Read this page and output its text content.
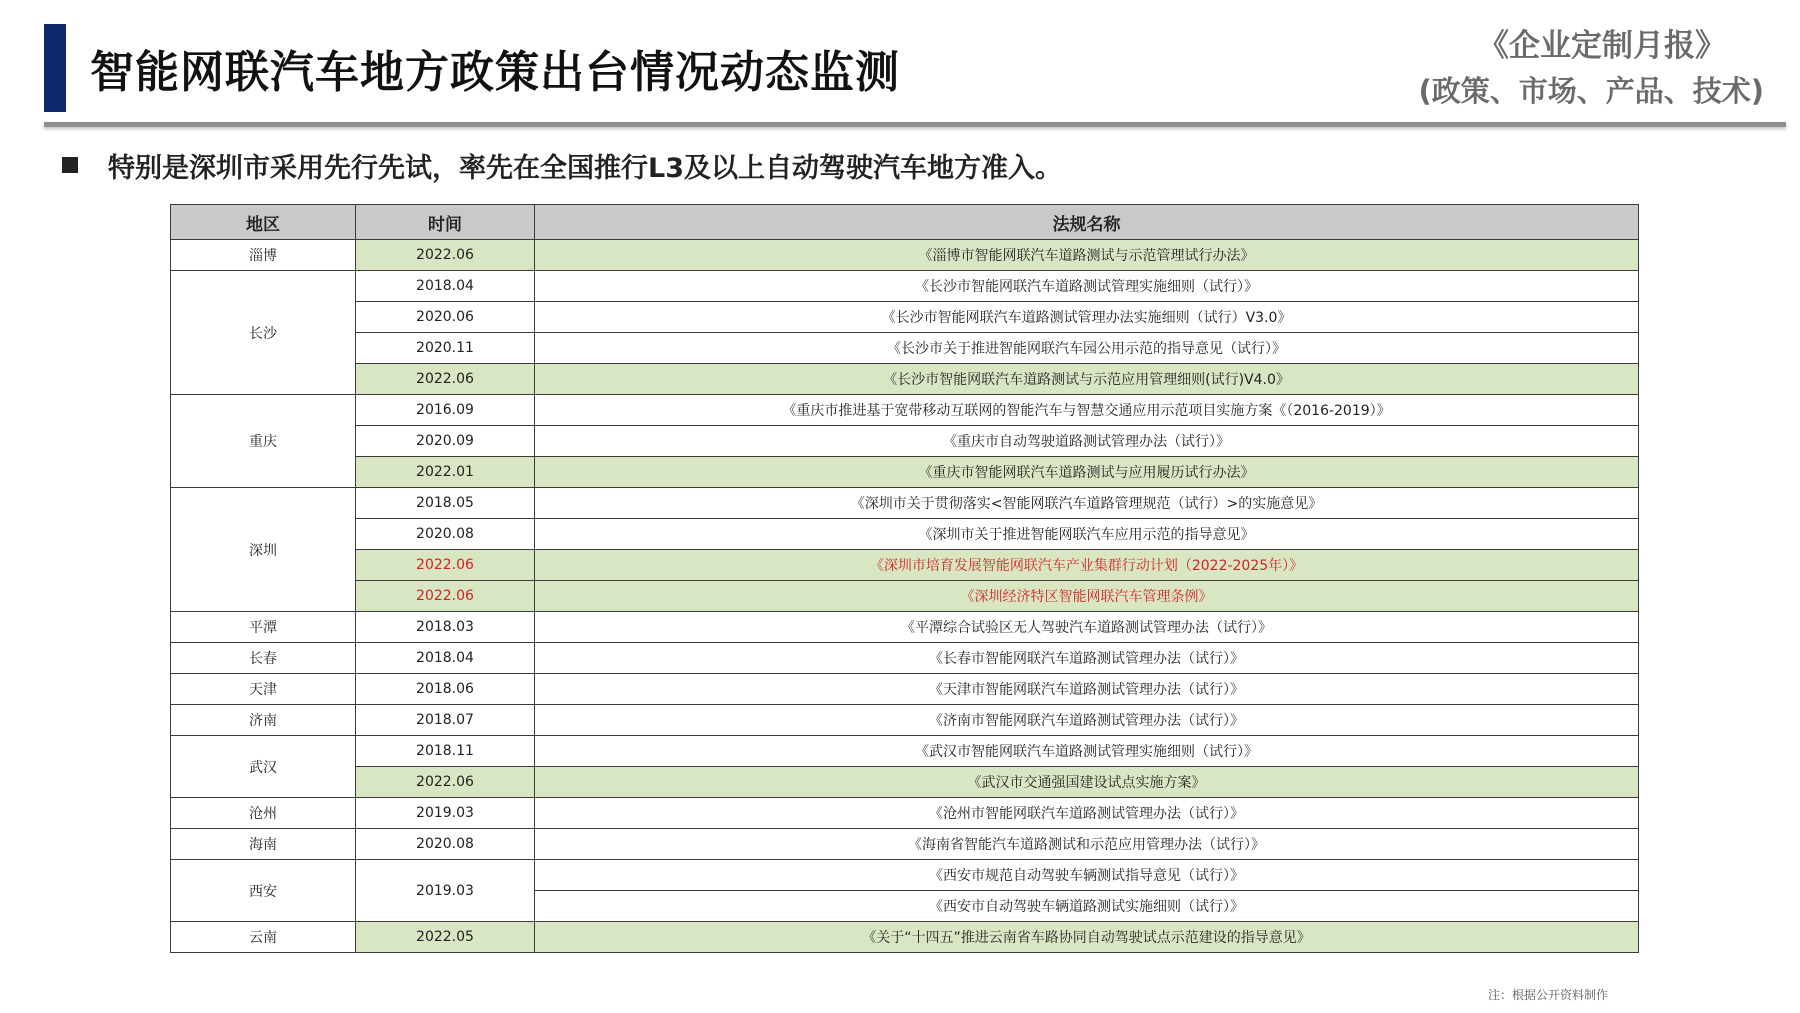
智能网联汽车地方政策出台情况动态监测
《企业定制月报》
(政策、市场、产品、技术)
特别是深圳市采用先行先试，率先在全国推行L3及以上自动驾驶汽车地方准入。
地区	时间	法规名称
淄博	2022.06	《淄博市智能网联汽车道路测试与示范管理试行办法》
长沙	2018.04	《长沙市智能网联汽车道路测试管理实施细则（试行）》
	2020.06	《长沙市智能网联汽车道路测试管理办法实施细则（试行）V3.0》
	2020.11	《长沙市关于推进智能网联汽车园公用示范的指导意见（试行）》
	2022.06	《长沙市智能网联汽车道路测试与示范应用管理细则(试行)V4.0》
重庆	2016.09	《重庆市推进基于宽带移动互联网的智能汽车与智慧交通应用示范项目实施方案《（2016-2019）》
	2020.09	《重庆市自动驾驶道路测试管理办法（试行）》
	2022.01	《重庆市智能网联汽车道路测试与应用履历试行办法》
深圳	2018.05	《深圳市关于贯彻落实<智能网联汽车道路管理规范（试行）>的实施意见》
	2020.08	《深圳市关于推进智能网联汽车应用示范的指导意见》
	2022.06	《深圳市培育发展智能网联汽车产业集群行动计划（2022-2025年）》
	2022.06	《深圳经济特区智能网联汽车管理条例》
平潭	2018.03	《平潭综合试验区无人驾驶汽车道路测试管理办法（试行）》
长春	2018.04	《长春市智能网联汽车道路测试管理办法（试行）》
天津	2018.06	《天津市智能网联汽车道路测试管理办法（试行）》
济南	2018.07	《济南市智能网联汽车道路测试管理办法（试行）》
武汉	2018.11	《武汉市智能网联汽车道路测试管理实施细则（试行）》
	2022.06	《武汉市交通强国建设试点实施方案》
沧州	2019.03	《沧州市智能网联汽车道路测试管理办法（试行）》
海南	2020.08	《海南省智能汽车道路测试和示范应用管理办法（试行）》
西安	2019.03	《西安市规范自动驾驶车辆测试指导意见（试行）》
		《西安市自动驾驶车辆道路测试实施细则（试行）》
云南	2022.05	《关于“十四五”推进云南省车路协同自动驾驶试点示范建设的指导意见》
注：根据公开资料制作
